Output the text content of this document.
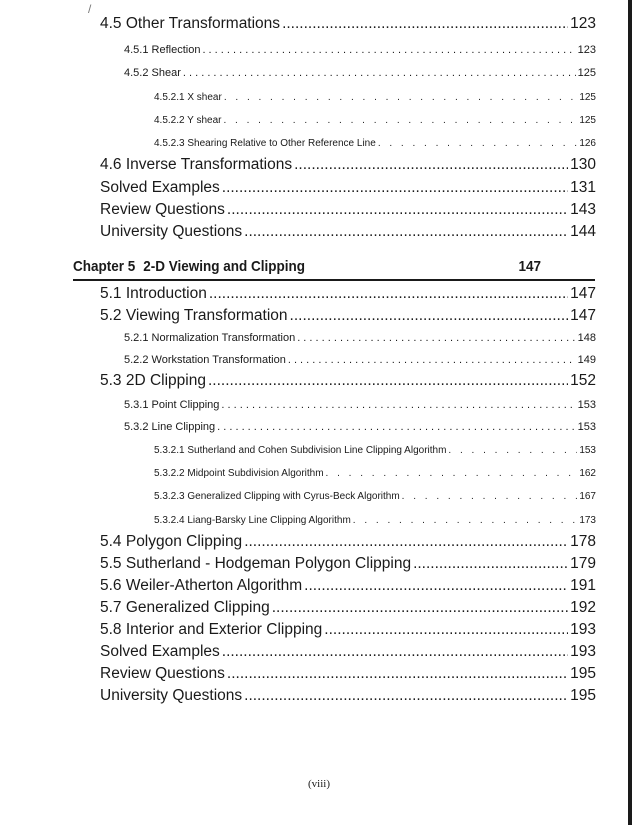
/
4.5 Other Transformations .....	123
4.5.1 Reflection . . .	123
4.5.2 Shear . . .	125
4.5.2.1 X shear . . .	125
4.5.2.2 Y shear . . .	125
4.5.2.3 Shearing Relative to Other Reference Line . . .	126
4.6 Inverse Transformations .....	130
Solved Examples .....	131
Review Questions .....	143
University Questions .....	144
Chapter 5 2-D Viewing and Clipping	147
5.1 Introduction .....	147
5.2 Viewing Transformation .....	147
5.2.1 Normalization Transformation . . .	148
5.2.2 Workstation Transformation . . .	149
5.3 2D Clipping .....	152
5.3.1 Point Clipping . . .	153
5.3.2 Line Clipping . . .	153
5.3.2.1 Sutherland and Cohen Subdivision Line Clipping Algorithm . . .	153
5.3.2.2 Midpoint Subdivision Algorithm . . .	162
5.3.2.3 Generalized Clipping with Cyrus-Beck Algorithm . . .	167
5.3.2.4 Liang-Barsky Line Clipping Algorithm . . .	173
5.4 Polygon Clipping .....	178
5.5 Sutherland - Hodgeman Polygon Clipping .....	179
5.6 Weiler-Atherton Algorithm .....	191
5.7 Generalized Clipping .....	192
5.8 Interior and Exterior Clipping .....	193
Solved Examples .....	193
Review Questions .....	195
University Questions .....	195
(viii)
